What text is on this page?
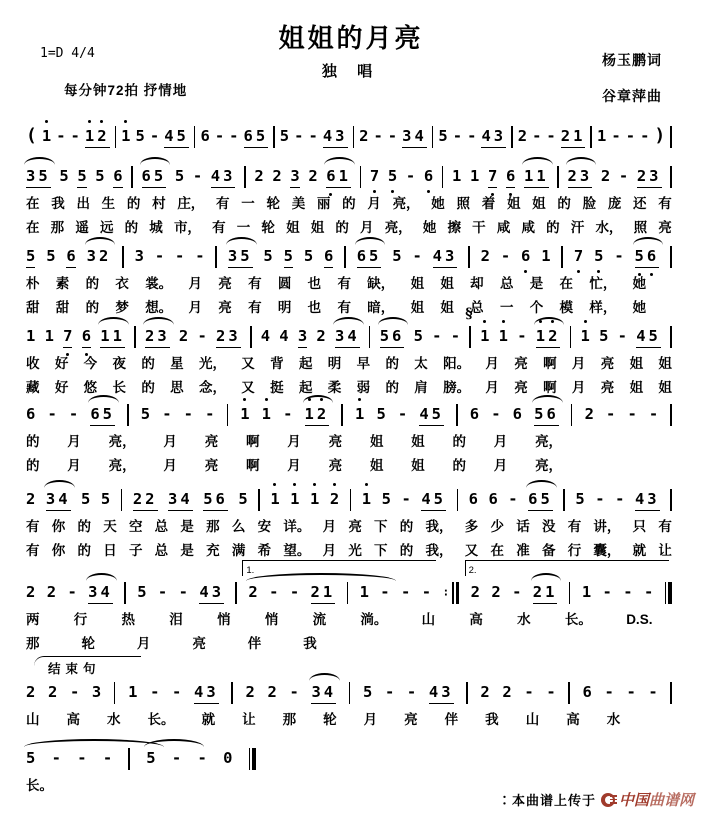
姐姐的月亮
独 唱
1=D 4/4
每分钟72拍 抒情地
杨玉鹏词
谷章萍曲
( 1 - - 1 2 1 5 - 4 5 6 - - 6 5 5 - - 4 3 2 - - 3 4 5 - - 4 3 2 - - 2 1 1 - - - )
3 5 5 5 5 6 6 5 5 - 4 3 2 2 3 2 6 1 7 5 - 6 1 1 7 6 1 1 2 3 2 - 2 3
在 我 出 生 的 村 庄， 有 一 轮 美 丽 的 月 亮， 她 照 着 姐 姐 的 脸 庞 还 有
在 那 遥 远 的 城 市， 有 一 轮 姐 姐 的 月 亮， 她 擦 干 咸 咸 的 汗 水， 照 亮
5 5 6 3 2 3 - - - 3 5 5 5 5 6 6 5 5 - 4 3 2 - 6 1 7 5 - 5 6
朴 素 的 衣 裳。 月 亮 有 圆 也 有 缺， 姐 姐 却 总 是 在 忙， 她
甜 甜 的 梦 想。 月 亮 有 明 也 有 暗， 姐 姐 总 一 个 模 样， 她
1 1 7 6 1 1 2 3 2 - 2 3 4 4 3 2 3 4 5 6 5 - -
§
1 1 - 1 2 1 5 - 4 5
收 好 今 夜 的 星 光， 又 背 起 明 早 的 太 阳。 月 亮 啊 月 亮 姐 姐
藏 好 悠 长 的 思 念， 又 挺 起 柔 弱 的 肩 膀。 月 亮 啊 月 亮 姐 姐
6 - - 6 5 5 - - - 1 1 - 1 2 1 5 - 4 5 6 - 6 5 6 2 - - -
的 月 亮， 月 亮 啊 月 亮 姐 姐 的 月 亮，
的 月 亮， 月 亮 啊 月 亮 姐 姐 的 月 亮，
2 3 4 5 5 2 2 3 4 5 6 5 1 1 1 2 1 5 - 4 5 6 6 - 6 5 5 - - 4 3
有 你 的 天 空 总 是 那 么 安 详。 月 亮 下 的 我， 多 少 话 没 有 讲， 只 有
有 你 的 日 子 总 是 充 满 希 望。 月 光 下 的 我， 又 在 准 备 行 囊， 就 让
2 2 - 3 4 5 - - 4 3 2
1.
- - 2 1 1 - - - ∶ 2
2.
2 - 2 1 1 - - -
两	行	热	泪	悄	悄	流	淌。	山	高	水	长。	D.S.
那	轮	月	亮	伴	我
结束句
2 2 - 3 1 - - 4 3 2 2 - 3 4 5 - - 4 3 2 2 - - 6 - - -
山 高 水 长。 就 让 那 轮 月 亮 伴 我 山 高 水
5 - - - 5 - - 0
长。
∶本曲谱上传于 中国曲谱网
